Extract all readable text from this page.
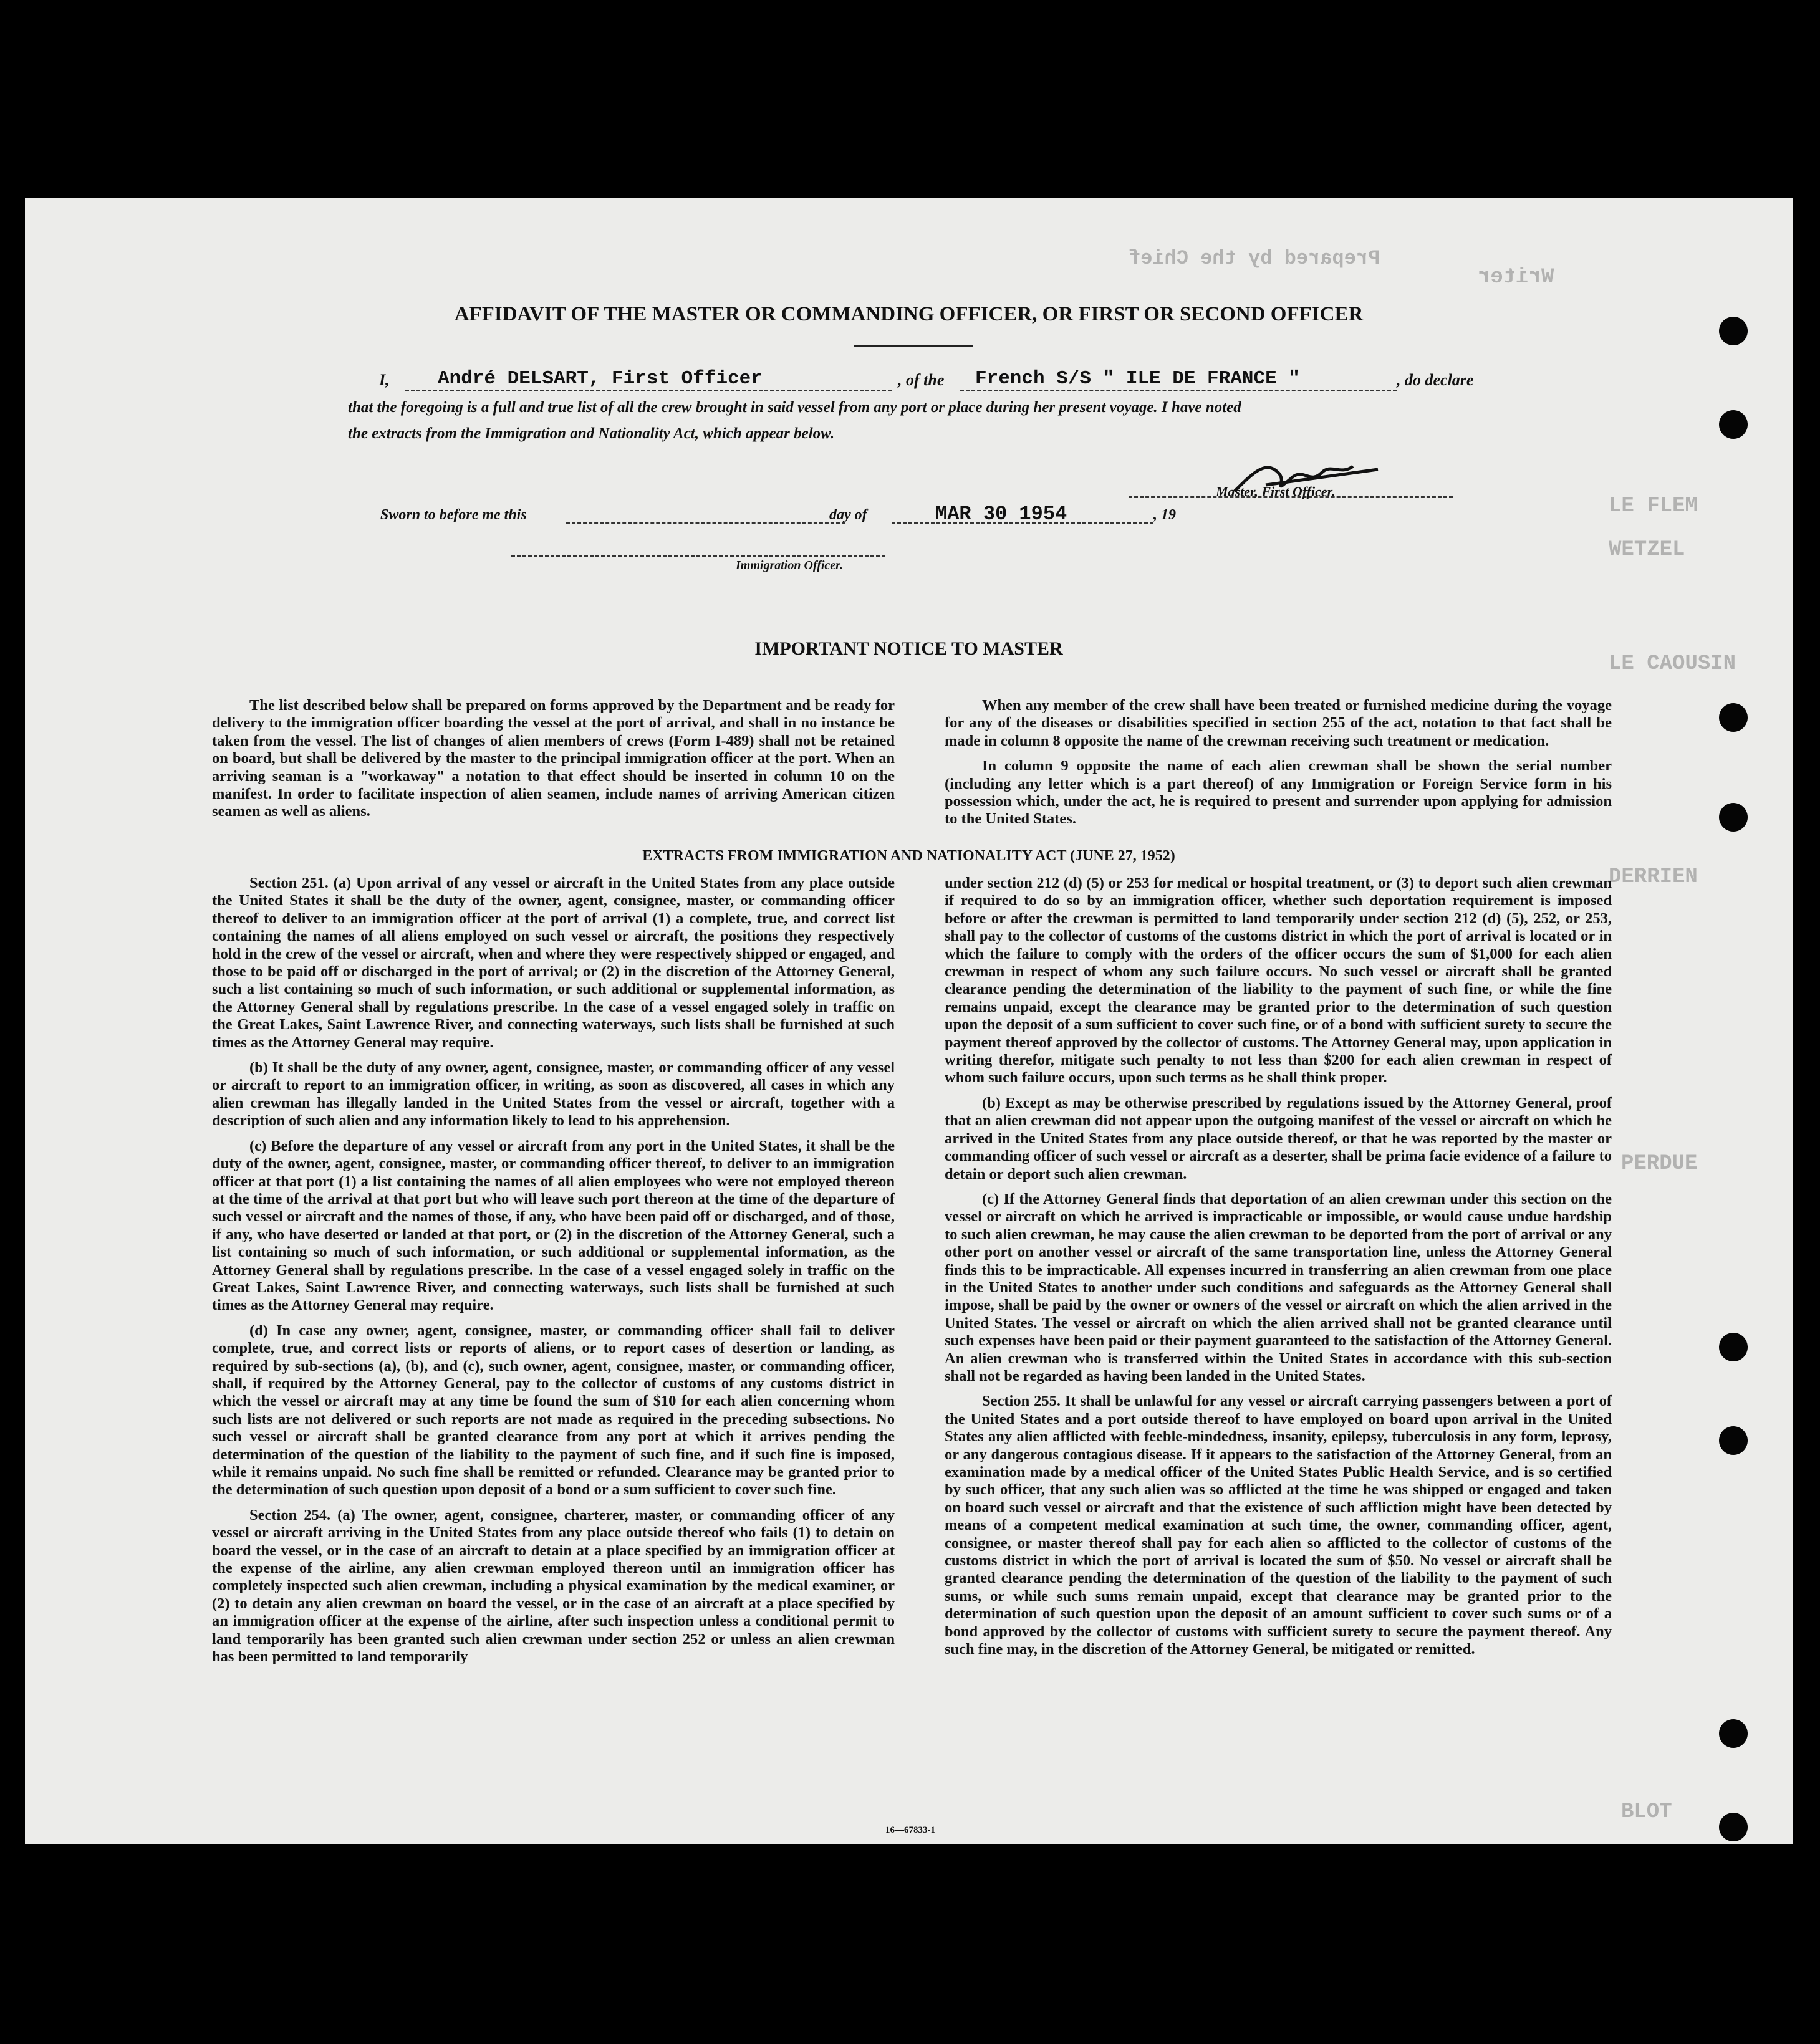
Prepared by the Chief
Writer
LE FLEM
WETZEL
LE CAOUSIN
DERRIEN
PERDUE
BLOT
AFFIDAVIT OF THE MASTER OR COMMANDING OFFICER, OR FIRST OR SECOND OFFICER
I, André DELSART, First Officer	, of the French S/S " ILE DE FRANCE "	, do declare
that the foregoing is a full and true list of all the crew brought in said vessel from any port or place during her present voyage. I have noted
the extracts from the Immigration and Nationality Act, which appear below.
Master, First Officer.
Sworn to before me this	day of	MAR 30 1954	, 19
Immigration Officer.
IMPORTANT NOTICE TO MASTER

The list described below shall be prepared on forms approved by the Department and be ready for delivery to the immigration officer boarding the vessel at the port of arrival, and shall in no instance be taken from the vessel. The list of changes of alien members of crews (Form I-489) shall not be retained on board, but shall be delivered by the master to the principal immigration officer at the port. When an arriving seaman is a "workaway" a notation to that effect should be inserted in column 10 on the manifest. In order to facilitate inspection of alien seamen, include names of arriving American citizen seamen as well as aliens.

When any member of the crew shall have been treated or furnished medicine during the voyage for any of the diseases or disabilities specified in section 255 of the act, notation to that fact shall be made in column 8 opposite the name of the crewman receiving such treatment or medication.

In column 9 opposite the name of each alien crewman shall be shown the serial number (including any letter which is a part thereof) of any Immigration or Foreign Service form in his possession which, under the act, he is required to present and surrender upon applying for admission to the United States.

EXTRACTS FROM IMMIGRATION AND NATIONALITY ACT (JUNE 27, 1952)

Section 251. (a) Upon arrival of any vessel or aircraft in the United States from any place outside the United States it shall be the duty of the owner, agent, consignee, master, or commanding officer thereof to deliver to an immigration officer at the port of arrival (1) a complete, true, and correct list containing the names of all aliens employed on such vessel or aircraft, the positions they respectively hold in the crew of the vessel or aircraft, when and where they were respectively shipped or engaged, and those to be paid off or discharged in the port of arrival; or (2) in the discretion of the Attorney General, such a list containing so much of such information, or such additional or supplemental information, as the Attorney General shall by regulations prescribe. In the case of a vessel engaged solely in traffic on the Great Lakes, Saint Lawrence River, and connecting waterways, such lists shall be furnished at such times as the Attorney General may require.

(b) It shall be the duty of any owner, agent, consignee, master, or commanding officer of any vessel or aircraft to report to an immigration officer, in writing, as soon as discovered, all cases in which any alien crewman has illegally landed in the United States from the vessel or aircraft, together with a description of such alien and any information likely to lead to his apprehension.

(c) Before the departure of any vessel or aircraft from any port in the United States, it shall be the duty of the owner, agent, consignee, master, or commanding officer thereof, to deliver to an immigration officer at that port (1) a list containing the names of all alien employees who were not employed thereon at the time of the arrival at that port but who will leave such port thereon at the time of the departure of such vessel or aircraft and the names of those, if any, who have been paid off or discharged, and of those, if any, who have deserted or landed at that port, or (2) in the discretion of the Attorney General, such a list containing so much of such information, or such additional or supplemental information, as the Attorney General shall by regulations prescribe. In the case of a vessel engaged solely in traffic on the Great Lakes, Saint Lawrence River, and connecting waterways, such lists shall be furnished at such times as the Attorney General may require.

(d) In case any owner, agent, consignee, master, or commanding officer shall fail to deliver complete, true, and correct lists or reports of aliens, or to report cases of desertion or landing, as required by sub-sections (a), (b), and (c), such owner, agent, consignee, master, or commanding officer, shall, if required by the Attorney General, pay to the collector of customs of any customs district in which the vessel or aircraft may at any time be found the sum of $10 for each alien concerning whom such lists are not delivered or such reports are not made as required in the preceding subsections. No such vessel or aircraft shall be granted clearance from any port at which it arrives pending the determination of the question of the liability to the payment of such fine, and if such fine is imposed, while it remains unpaid. No such fine shall be remitted or refunded. Clearance may be granted prior to the determination of such question upon deposit of a bond or a sum sufficient to cover such fine.

Section 254. (a) The owner, agent, consignee, charterer, master, or commanding officer of any vessel or aircraft arriving in the United States from any place outside thereof who fails (1) to detain on board the vessel, or in the case of an aircraft to detain at a place specified by an immigration officer at the expense of the airline, any alien crewman employed thereon until an immigration officer has completely inspected such alien crewman, including a physical examination by the medical examiner, or (2) to detain any alien crewman on board the vessel, or in the case of an aircraft at a place specified by an immigration officer at the expense of the airline, after such inspection unless a conditional permit to land temporarily has been granted such alien crewman under section 252 or unless an alien crewman has been permitted to land temporarily

under section 212 (d) (5) or 253 for medical or hospital treatment, or (3) to deport such alien crewman if required to do so by an immigration officer, whether such deportation requirement is imposed before or after the crewman is permitted to land temporarily under section 212 (d) (5), 252, or 253, shall pay to the collector of customs of the customs district in which the port of arrival is located or in which the failure to comply with the orders of the officer occurs the sum of $1,000 for each alien crewman in respect of whom any such failure occurs. No such vessel or aircraft shall be granted clearance pending the determination of the liability to the payment of such fine, or while the fine remains unpaid, except the clearance may be granted prior to the determination of such question upon the deposit of a sum sufficient to cover such fine, or of a bond with sufficient surety to secure the payment thereof approved by the collector of customs. The Attorney General may, upon application in writing therefor, mitigate such penalty to not less than $200 for each alien crewman in respect of whom such failure occurs, upon such terms as he shall think proper.

(b) Except as may be otherwise prescribed by regulations issued by the Attorney General, proof that an alien crewman did not appear upon the outgoing manifest of the vessel or aircraft on which he arrived in the United States from any place outside thereof, or that he was reported by the master or commanding officer of such vessel or aircraft as a deserter, shall be prima facie evidence of a failure to detain or deport such alien crewman.

(c) If the Attorney General finds that deportation of an alien crewman under this section on the vessel or aircraft on which he arrived is impracticable or impossible, or would cause undue hardship to such alien crewman, he may cause the alien crewman to be deported from the port of arrival or any other port on another vessel or aircraft of the same transportation line, unless the Attorney General finds this to be impracticable. All expenses incurred in transferring an alien crewman from one place in the United States to another under such conditions and safeguards as the Attorney General shall impose, shall be paid by the owner or owners of the vessel or aircraft on which the alien arrived in the United States. The vessel or aircraft on which the alien arrived shall not be granted clearance until such expenses have been paid or their payment guaranteed to the satisfaction of the Attorney General. An alien crewman who is transferred within the United States in accordance with this sub-section shall not be regarded as having been landed in the United States.

Section 255. It shall be unlawful for any vessel or aircraft carrying passengers between a port of the United States and a port outside thereof to have employed on board upon arrival in the United States any alien afflicted with feeble-mindedness, insanity, epilepsy, tuberculosis in any form, leprosy, or any dangerous contagious disease. If it appears to the satisfaction of the Attorney General, from an examination made by a medical officer of the United States Public Health Service, and is so certified by such officer, that any such alien was so afflicted at the time he was shipped or engaged and taken on board such vessel or aircraft and that the existence of such affliction might have been detected by means of a competent medical examination at such time, the owner, commanding officer, agent, consignee, or master thereof shall pay for each alien so afflicted to the collector of customs of the customs district in which the port of arrival is located the sum of $50. No vessel or aircraft shall be granted clearance pending the determination of the question of the liability to the payment of such sums, or while such sums remain unpaid, except that clearance may be granted prior to the determination of such question upon the deposit of an amount sufficient to cover such sums or of a bond approved by the collector of customs with sufficient surety to secure the payment thereof. Any such fine may, in the discretion of the Attorney General, be mitigated or remitted.

16—67833-1
